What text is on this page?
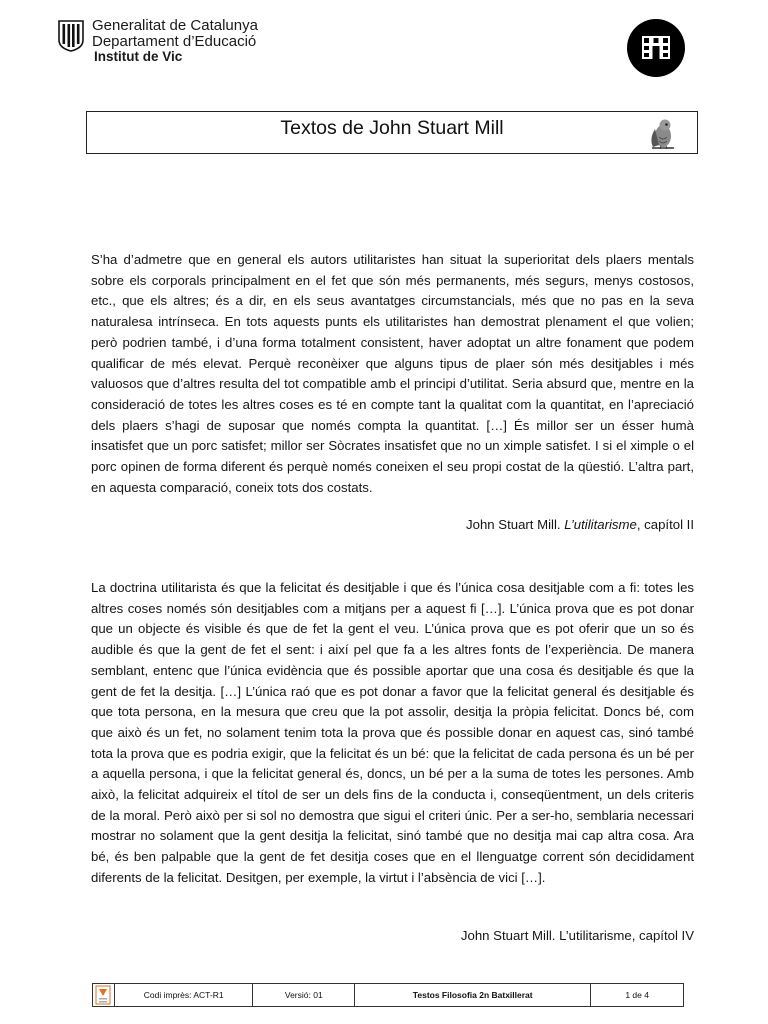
Generalitat de Catalunya
Departament d’Educació
Institut de Vic
Textos de John Stuart Mill

S’ha d’admetre que en general els autors utilitaristes han situat la superioritat dels plaers mentals sobre els corporals principalment en el fet que són més permanents, més segurs, menys costosos, etc., que els altres; és a dir, en els seus avantatges circumstancials, més que no pas en la seva naturalesa intrínseca. En tots aquests punts els utilitaristes han demostrat plenament el que volien; però podrien també, i d’una forma totalment consistent, haver adoptat un altre fonament que podem qualificar de més elevat. Perquè reconèixer que alguns tipus de plaer són més desitjables i més valuosos que d’altres resulta del tot compatible amb el principi d’utilitat. Seria absurd que, mentre en la consideració de totes les altres coses es té en compte tant la qualitat com la quantitat, en l’apreciació dels plaers s’hagi de suposar que només compta la quantitat. […] És millor ser un ésser humà insatisfet que un porc satisfet; millor ser Sòcrates insatisfet que no un ximple satisfet. I si el ximple o el porc opinen de forma diferent és perquè només coneixen el seu propi costat de la qüestió. L’altra part, en aquesta comparació, coneix tots dos costats.

John Stuart Mill. L’utilitarisme, capítol II

La doctrina utilitarista és que la felicitat és desitjable i que és l’única cosa desitjable com a fi: totes les altres coses només són desitjables com a mitjans per a aquest fi […]. L’única prova que es pot donar que un objecte és visible és que de fet la gent el veu. L’única prova que es pot oferir que un so és audible és que la gent de fet el sent: i així pel que fa a les altres fonts de l’experiència. De manera semblant, entenc que l’única evidència que és possible aportar que una cosa és desitjable és que la gent de fet la desitja. […] L’única raó que es pot donar a favor que la felicitat general és desitjable és que tota persona, en la mesura que creu que la pot assolir, desitja la pròpia felicitat. Doncs bé, com que això és un fet, no solament tenim tota la prova que és possible donar en aquest cas, sinó també tota la prova que es podria exigir, que la felicitat és un bé: que la felicitat de cada persona és un bé per a aquella persona, i que la felicitat general és, doncs, un bé per a la suma de totes les persones. Amb això, la felicitat adquireix el títol de ser un dels fins de la conducta i, conseqüentment, un dels criteris de la moral. Però això per si sol no demostra que sigui el criteri únic. Per a ser-ho, semblaria necessari mostrar no solament que la gent desitja la felicitat, sinó també que no desitja mai cap altra cosa. Ara bé, és ben palpable que la gent de fet desitja coses que en el llenguatge corrent són decididament diferents de la felicitat. Desitgen, per exemple, la virtut i l’absència de vici […].

John Stuart Mill. L’utilitarisme, capítol IV
Codi imprès: ACT-R1	Versió: 01	Testos Filosofia 2n Batxillerat	1 de 4
